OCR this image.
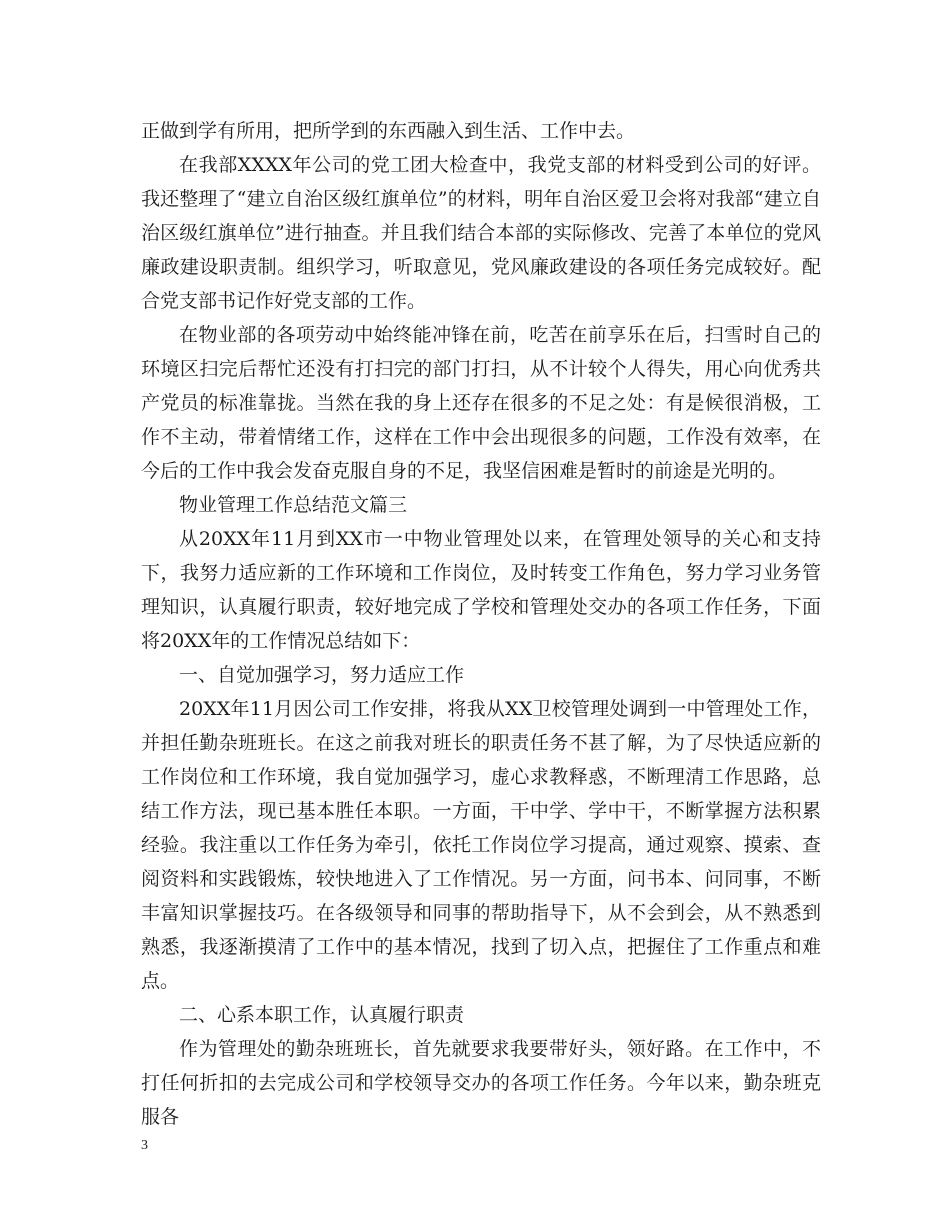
正做到学有所用，把所学到的东西融入到生活、工作中去。

在我部XXXX年公司的党工团大检查中，我党支部的材料受到公司的好评。我还整理了“建立自治区级红旗单位”的材料，明年自治区爱卫会将对我部“建立自治区级红旗单位”进行抽查。并且我们结合本部的实际修改、完善了本单位的党风廉政建设职责制。组织学习，听取意见，党风廉政建设的各项任务完成较好。配合党支部书记作好党支部的工作。

在物业部的各项劳动中始终能冲锋在前，吃苦在前享乐在后，扫雪时自己的环境区扫完后帮忙还没有打扫完的部门打扫，从不计较个人得失，用心向优秀共产党员的标准靠拢。当然在我的身上还存在很多的不足之处：有是候很消极，工作不主动，带着情绪工作，这样在工作中会出现很多的问题，工作没有效率，在今后的工作中我会发奋克服自身的不足，我坚信困难是暂时的前途是光明的。

物业管理工作总结范文篇三

从20XX年11月到XX市一中物业管理处以来，在管理处领导的关心和支持下，我努力适应新的工作环境和工作岗位，及时转变工作角色，努力学习业务管理知识，认真履行职责，较好地完成了学校和管理处交办的各项工作任务，下面将20XX年的工作情况总结如下：

一、自觉加强学习，努力适应工作

20XX年11月因公司工作安排，将我从XX卫校管理处调到一中管理处工作，并担任勤杂班班长。在这之前我对班长的职责任务不甚了解，为了尽快适应新的工作岗位和工作环境，我自觉加强学习，虚心求教释惑，不断理清工作思路，总结工作方法，现已基本胜任本职。一方面，干中学、学中干，不断掌握方法积累经验。我注重以工作任务为牵引，依托工作岗位学习提高，通过观察、摸索、查阅资料和实践锻炼，较快地进入了工作情况。另一方面，问书本、问同事，不断丰富知识掌握技巧。在各级领导和同事的帮助指导下，从不会到会，从不熟悉到熟悉，我逐渐摸清了工作中的基本情况，找到了切入点，把握住了工作重点和难点。

二、心系本职工作，认真履行职责

作为管理处的勤杂班班长，首先就要求我要带好头，领好路。在工作中，不打任何折扣的去完成公司和学校领导交办的各项工作任务。今年以来，勤杂班克服各

3
